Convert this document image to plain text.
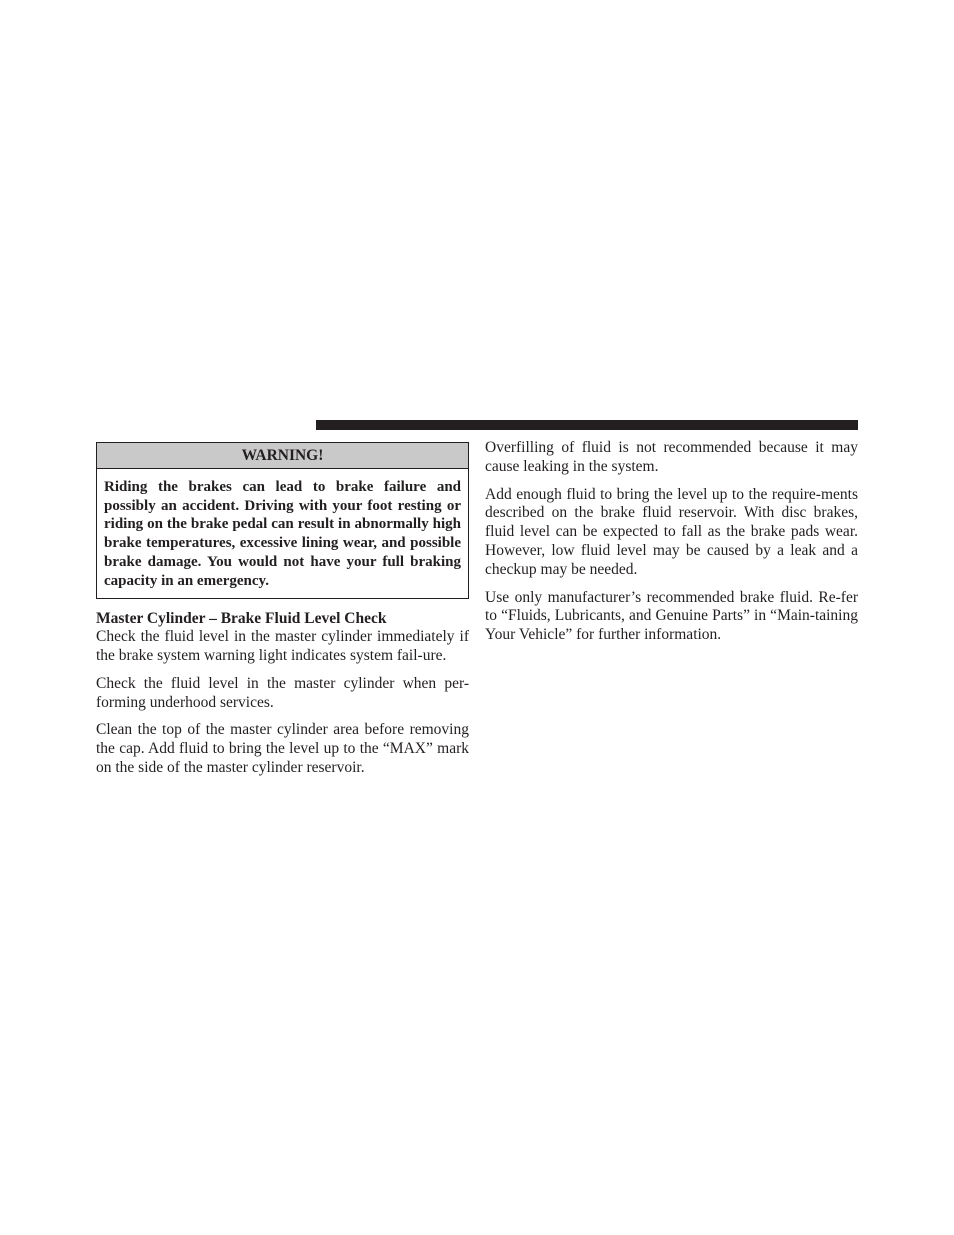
WARNING!
Riding the brakes can lead to brake failure and possibly an accident. Driving with your foot resting or riding on the brake pedal can result in abnormally high brake temperatures, excessive lining wear, and possible brake damage. You would not have your full braking capacity in an emergency.
Master Cylinder – Brake Fluid Level Check

Check the fluid level in the master cylinder immediately if the brake system warning light indicates system fail-ure.

Check the fluid level in the master cylinder when per-forming underhood services.

Clean the top of the master cylinder area before removing the cap. Add fluid to bring the level up to the “MAX” mark on the side of the master cylinder reservoir.

Overfilling of fluid is not recommended because it may cause leaking in the system.

Add enough fluid to bring the level up to the require-ments described on the brake fluid reservoir. With disc brakes, fluid level can be expected to fall as the brake pads wear. However, low fluid level may be caused by a leak and a checkup may be needed.

Use only manufacturer’s recommended brake fluid. Re-fer to “Fluids, Lubricants, and Genuine Parts” in “Main-taining Your Vehicle” for further information.
